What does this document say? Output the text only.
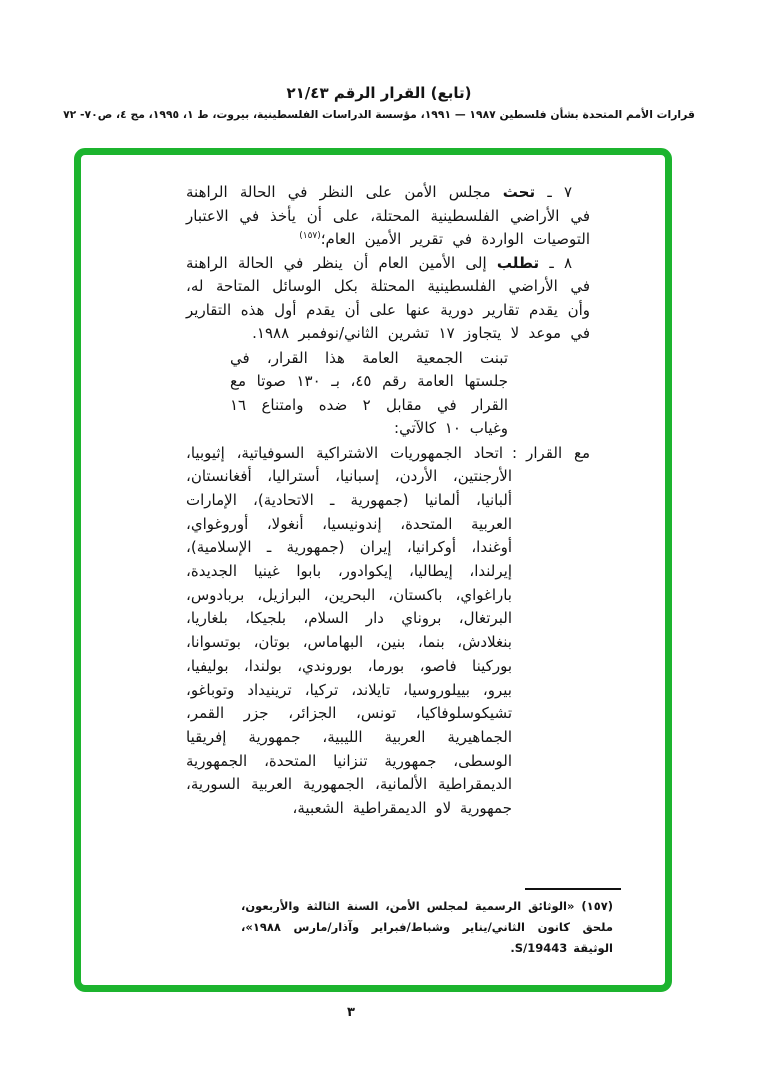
(تابع) القرار الرقم ٢١/٤٣
قرارات الأمم المتحدة بشأن فلسطين ١٩٨٧ — ١٩٩١، مؤسسة الدراسات الفلسطينية، بيروت، ط ١، ١٩٩٥، مج ٤، ص٧٠- ٧٢

٧ ـ تحث مجلس الأمن على النظر في الحالة الراهنة في الأراضي الفلسطينية المحتلة، على أن يأخذ في الاعتبار التوصيات الواردة في تقرير الأمين العام؛$^{(١٥٧)}$

٨ ـ تطلب إلى الأمين العام أن ينظر في الحالة الراهنة في الأراضي الفلسطينية المحتلة بكل الوسائل المتاحة له، وأن يقدم تقارير دورية عنها على أن يقدم أول هذه التقارير في موعد لا يتجاوز ١٧ تشرين الثاني/نوفمبر ١٩٨٨.

تبنت الجمعية العامة هذا القرار، في جلستها العامة رقم ٤٥، بـ ١٣٠ صوتا مع القرار في مقابل ٢ ضده وامتناع ١٦ وغياب ١٠ كالآتي:

مع القرار:اتحاد الجمهوريات الاشتراكية السوفياتية، إثيوبيا، الأرجنتين، الأردن، إسبانيا، أستراليا، أفغانستان، ألبانيا، ألمانيا (جمهورية ـ الاتحادية)، الإمارات العربية المتحدة، إندونيسيا، أنغولا، أوروغواي، أوغندا، أوكرانيا، إيران (جمهورية ـ الإسلامية)، إيرلندا، إيطاليا، إيكوادور، بابوا غينيا الجديدة، باراغواي، باكستان، البحرين، البرازيل، بربادوس، البرتغال، بروناي دار السلام، بلجيكا، بلغاريا، بنغلادش، بنما، بنين، البهاماس، بوتان، بوتسوانا، بوركينا فاصو، بورما، بوروندي، بولندا، بوليفيا، بيرو، بييلوروسيا، تايلاند، تركيا، ترينيداد وتوباغو، تشيكوسلوفاكيا، تونس، الجزائر، جزر القمر، الجماهيرية العربية الليبية، جمهورية إفريقيا الوسطى، جمهورية تنزانيا المتحدة، الجمهورية الديمقراطية الألمانية، الجمهورية العربية السورية، جمهورية لاو الديمقراطية الشعبية،

(١٥٧) «الوثائق الرسمية لمجلس الأمن، السنة الثالثة والأربعون، ملحق كانون الثاني/يناير وشباط/فبراير وآذار/مارس ١٩٨٨»، الوثيقة S/19443.

٣
